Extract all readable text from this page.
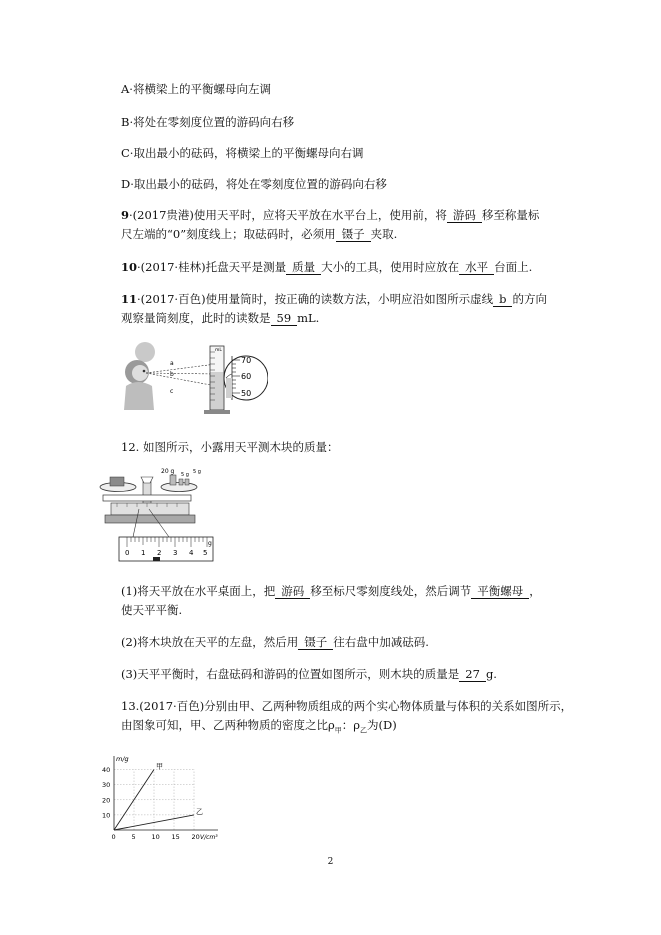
A·将横梁上的平衡螺母向左调
B·将处在零刻度位置的游码向右移
C·取出最小的砝码，将横梁上的平衡螺母向右调
D·取出最小的砝码，将处在零刻度位置的游码向右移
9·(2017贵港)使用天平时，应将天平放在水平台上，使用前，将 游码 移至称量标
尺左端的“0”刻度线上；取砝码时，必须用 镊子 夹取.
10·(2017·桂林)托盘天平是测量 质量 大小的工具，使用时应放在 水平 台面上.
11·(2017·百色)使用量筒时，按正确的读数方法，小明应沿如图所示虚线 b 的方向
观察量筒刻度，此时的读数是 59 mL.
a
b
c
mL
70
60
50
12. 如图所示，小露用天平测木块的质量：
20 g 5 g 5 g
0 1 2 3 4 5
g
(1)将天平放在水平桌面上，把 游码 移至标尺零刻度线处，然后调节 平衡螺母 ，
使天平平衡.
(2)将木块放在天平的左盘，然后用 镊子 往右盘中加减砝码.
(3)天平平衡时，右盘砝码和游码的位置如图所示，则木块的质量是 27 g.
13.(2017·百色)分别由甲、乙两种物质组成的两个实心物体质量与体积的关系如图所示，
由图象可知，甲、乙两种物质的密度之比$\rho_甲$：$\rho_乙$为(D)
0 5 10 15 20
10
20
30
40
m/g
V/cm³
甲
乙
2
